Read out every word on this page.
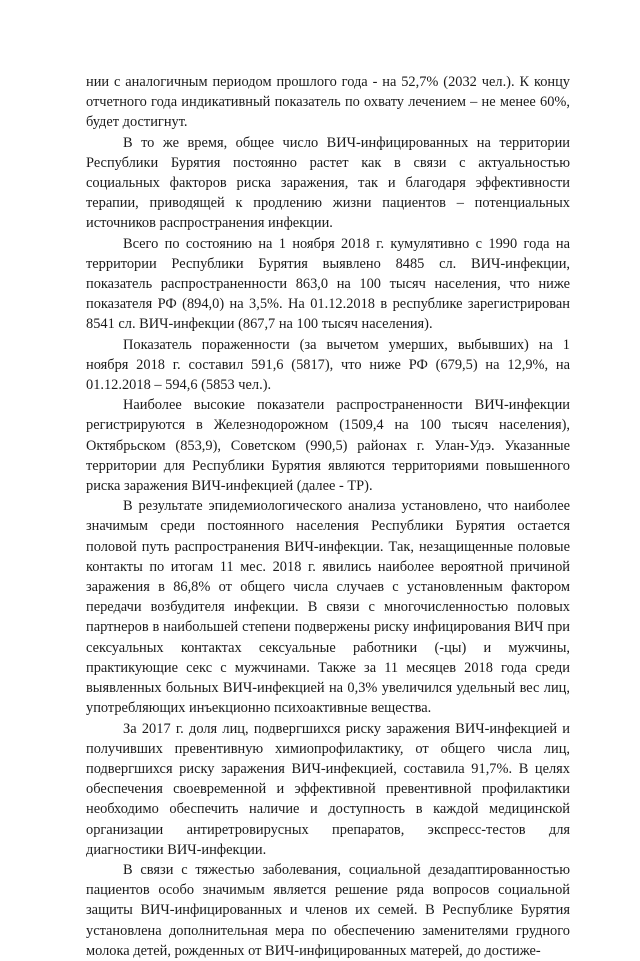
нии с аналогичным периодом прошлого года - на 52,7% (2032 чел.). К концу отчетного года индикативный показатель по охвату лечением – не менее 60%, будет достигнут.

В то же время, общее число ВИЧ-инфицированных на территории Республики Бурятия постоянно растет как в связи с актуальностью социальных факторов риска заражения, так и благодаря эффективности терапии, приводящей к продлению жизни пациентов – потенциальных источников распространения инфекции.

Всего по состоянию на 1 ноября 2018 г. кумулятивно с 1990 года на территории Республики Бурятия выявлено 8485 сл. ВИЧ-инфекции, показатель распространенности 863,0 на 100 тысяч населения, что ниже показателя РФ (894,0) на 3,5%. На 01.12.2018 в республике зарегистрирован 8541 сл. ВИЧ-инфекции (867,7 на 100 тысяч населения).

Показатель пораженности (за вычетом умерших, выбывших) на 1 ноября 2018 г. составил 591,6 (5817), что ниже РФ (679,5) на 12,9%, на 01.12.2018 – 594,6 (5853 чел.).

Наиболее высокие показатели распространенности ВИЧ-инфекции регистрируются в Железнодорожном (1509,4 на 100 тысяч населения), Октябрьском (853,9), Советском (990,5) районах г. Улан-Удэ. Указанные территории для Республики Бурятия являются территориями повышенного риска заражения ВИЧ-инфекцией (далее - ТР).

В результате эпидемиологического анализа установлено, что наиболее значимым среди постоянного населения Республики Бурятия остается половой путь распространения ВИЧ-инфекции. Так, незащищенные половые контакты по итогам 11 мес. 2018 г. явились наиболее вероятной причиной заражения в 86,8% от общего числа случаев с установленным фактором передачи возбудителя инфекции. В связи с многочисленностью половых партнеров в наибольшей степени подвержены риску инфицирования ВИЧ при сексуальных контактах сексуальные работники (-цы) и мужчины, практикующие секс с мужчинами. Также за 11 месяцев 2018 года среди выявленных больных ВИЧ-инфекцией на 0,3% увеличился удельный вес лиц, употребляющих инъекционно психоактивные вещества.

За 2017 г. доля лиц, подвергшихся риску заражения ВИЧ-инфекцией и получивших превентивную химиопрофилактику, от общего числа лиц, подвергшихся риску заражения ВИЧ-инфекцией, составила 91,7%. В целях обеспечения своевременной и эффективной превентивной профилактики необходимо обеспечить наличие и доступность в каждой медицинской организации антиретровирусных препаратов, экспресс-тестов для диагностики ВИЧ-инфекции.

В связи с тяжестью заболевания, социальной дезадаптированностью пациентов особо значимым является решение ряда вопросов социальной защиты ВИЧ-инфицированных и членов их семей. В Республике Бурятия установлена дополнительная мера по обеспечению заменителями грудного молока детей, рожденных от ВИЧ-инфицированных матерей, до достиже-
